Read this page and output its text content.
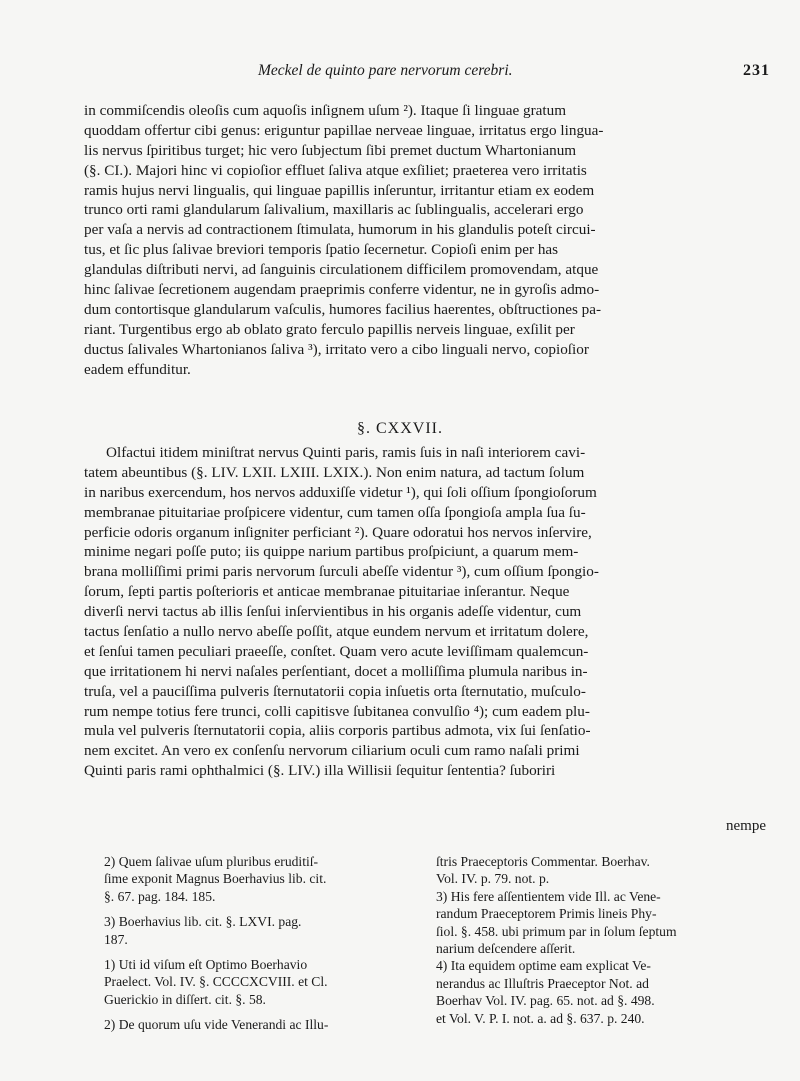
Meckel de quinto pare nervorum cerebri.	231
in commiſcendis oleoſis cum aquoſis inſignem uſum ²). Itaque ſi linguae gratum
quoddam offertur cibi genus: eriguntur papillae nerveae linguae, irritatus ergo lingua-
lis nervus ſpiritibus turget; hic vero ſubjectum ſibi premet ductum Whartonianum
(§. CI.). Majori hinc vi copioſior effluet ſaliva atque exſiliet; praeterea vero irritatis
ramis hujus nervi lingualis, qui linguae papillis inſeruntur, irritantur etiam ex eodem
trunco orti rami glandularum ſalivalium, maxillaris ac ſublingualis, accelerari ergo
per vaſa a nervis ad contractionem ſtimulata, humorum in his glandulis poteſt circui-
tus, et ſic plus ſalivae breviori temporis ſpatio ſecernetur. Copioſi enim per has
glandulas diſtributi nervi, ad ſanguinis circulationem difficilem promovendam, atque
hinc ſalivae ſecretionem augendam praeprimis conferre videntur, ne in gyroſis admo-
dum contortisque glandularum vaſculis, humores facilius haerentes, obſtructiones pa-
riant. Turgentibus ergo ab oblato grato ferculo papillis nerveis linguae, exſilit per
ductus ſalivales Whartonianos ſaliva ³), irritato vero a cibo linguali nervo, copioſior
eadem effunditur.
§. CXXVII.
Olfactui itidem miniſtrat nervus Quinti paris, ramis ſuis in naſi interiorem cavi-
tatem abeuntibus (§. LIV. LXII. LXIII. LXIX.). Non enim natura, ad tactum ſolum
in naribus exercendum, hos nervos adduxiſſe videtur ¹), qui ſoli oſſium ſpongioſorum
membranae pituitariae proſpicere videntur, cum tamen oſſa ſpongioſa ampla ſua ſu-
perficie odoris organum inſigniter perficiant ²). Quare odoratui hos nervos inſervire,
minime negari poſſe puto; iis quippe narium partibus proſpiciunt, a quarum mem-
brana molliſſimi primi paris nervorum ſurculi abeſſe videntur ³), cum oſſium ſpongio-
ſorum, ſepti partis poſterioris et anticae membranae pituitariae inſerantur. Neque
diverſi nervi tactus ab illis ſenſui inſervientibus in his organis adeſſe videntur, cum
tactus ſenſatio a nullo nervo abeſſe poſſit, atque eundem nervum et irritatum dolere,
et ſenſui tamen peculiari praeeſſe, conſtet. Quam vero acute leviſſimam qualemcun-
que irritationem hi nervi naſales perſentiant, docet a molliſſima plumula naribus in-
truſa, vel a pauciſſima pulveris ſternutatorii copia inſuetis orta ſternutatio, muſculo-
rum nempe totius fere trunci, colli capitisve ſubitanea convulſio ⁴); cum eadem plu-
mula vel pulveris ſternutatorii copia, aliis corporis partibus admota, vix ſui ſenſatio-
nem excitet. An vero ex conſenſu nervorum ciliarium oculi cum ramo naſali primi
Quinti paris rami ophthalmici (§. LIV.) illa Willisii ſequitur ſententia? ſuboriri
nempe
2) Quem ſalivae uſum pluribus eruditiſ-
ſime exponit Magnus Boerhavius lib. cit.
§. 67. pag. 184. 185.
3) Boerhavius lib. cit. §. LXVI. pag.
187.
1) Uti id viſum eſt Optimo Boerhavio
Praelect. Vol. IV. §. CCCCXCVIII. et Cl.
Guerickio in diſſert. cit. §. 58.
2) De quorum uſu vide Venerandi ac Illu-
ſtris Praeceptoris Commentar. Boerhav.
Vol. IV. p. 79. not. p.
3) His fere aſſentientem vide Ill. ac Vene-
randum Praeceptorem Primis lineis Phy-
ſiol. §. 458. ubi primum par in ſolum ſeptum
narium deſcendere aſſerit.
4) Ita equidem optime eam explicat Ve-
nerandus ac Illuſtris Praeceptor Not. ad
Boerhav Vol. IV. pag. 65. not. ad §. 498.
et Vol. V. P. I. not. a. ad §. 637. p. 240.
